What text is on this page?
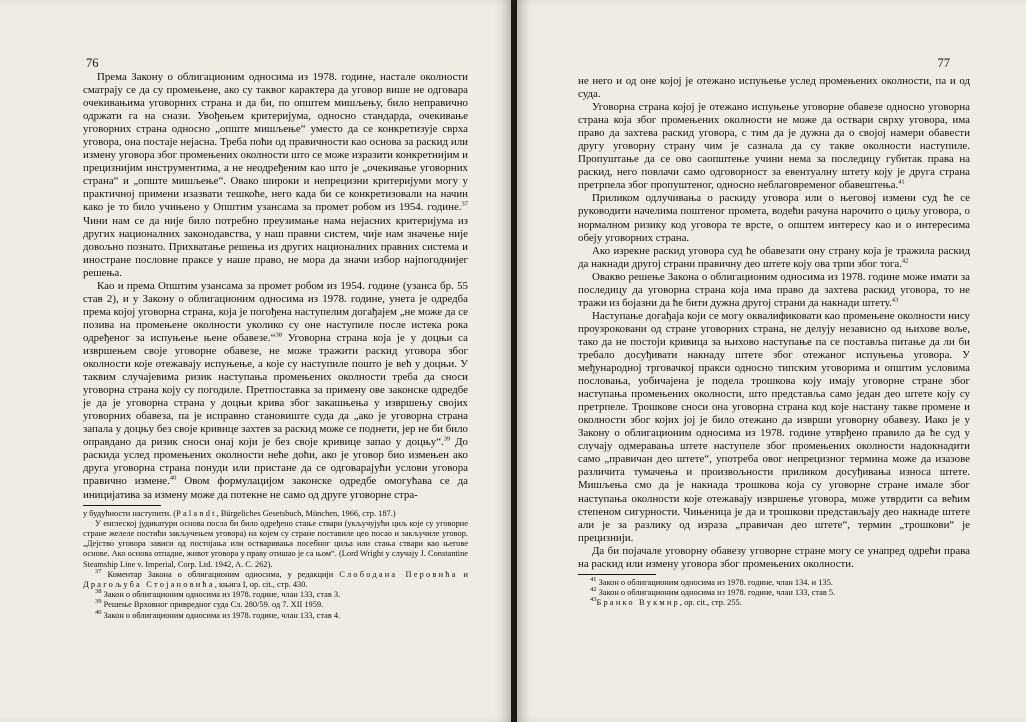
76

Према Закону о облигационим односима из 1978. године, настале околности сматрају се да су промењене, ако су таквог карактера да уговор више не одговара очекивањима уговорних страна и да би, по општем мишљењу, било неправично одржати га на снази. Увођењем критеријума, односно стандарда, очекивање уговорних страна односно „опште мишљење“ уместо да се конкретизује сврха уговора, она постаје нејасна. Треба поћи од правичности као основа за раскид или измену уговора због промењених околности што се може изразити конкретнијим и прецизнијим инструментима, а не неодређеним као што је „очекивање уговорних страна“ и „опште мишљење“. Овако широки и непрецизни критеријуми могу у практичној примени изазвати тешкоће, него када би се конкретизовали на начин како је то било учињено у Општим узансама за промет робом из 1954. године.$^{37}$ Чини нам се да није било потребно преузимање нама нејасних критеријума из других националних законодавства, у наш правни систем, чије нам значење није довољно познато. Прихватање решења из других националних правних система и иностране пословне праксе у наше право, не мора да значи избор најпогоднијег решења.

Као и према Општим узансама за промет робом из 1954. године (узанса бр. 55 став 2), и у Закону о облигационим односима из 1978. године, унета је одредба према којој уговорна страна, која је погођена наступелим догађајем „не може да се позива на промењене околности уколико су оне наступиле после истека рока одређеног за испуњење њене обавезе.“$^{38}$ Уговорна страна која је у доцњи са извршењем своје уговорне обавезе, не може тражити раскид уговора због околности које отежавају испуњење, а које су наступиле пошто је већ у доцњи. У таквим случајевима ризик наступања промењених околности треба да сноси уговорна страна коју су погодиле. Претпоставка за примену ове законске одредбе је да је уговорна страна у доцњи крива због закашњења у извршењу својих уговорних обавеза, па је исправно становиште суда да „ако је уговорна страна запала у доцњу без своје кривице захтев за раскид може се поднети, јер не би било оправдано да ризик сноси онај који је без своје кривице запао у доцњу“.$^{39}$ До раскида услед промењених околности неће доћи, ако је уговор био измењен ако друга уговорна страна понуди или пристане да се одговарајући услови уговора правично измене.$^{40}$ Овом формулацијом законске одредбе омогућава се да иницијатива за измену може да потекне не само од друге уговорне стра-

у будућности наступити. (Palandt, Bürgeliches Gesetsbuch, München, 1966, стр. 187.)

У енглеској јудикатури основа посла би било одређено стање ствари (укључујући циљ које су уговорне стране желеле постићи закључењем уговора) на којем су стране поставиле цео посао и закључиле уговор. „Дејство уговора зависи од постојања или остваривања посебног циља или стања ствари као његове основе. Ако основа отпадне, живот уговора у праву отишао је са њом“. (Lord Wright у случају J. Constantine Steamship Line v. Imperial, Corp. Ltd. 1942, A. C. 262).

$^{37}$ Коментар Закона о облигационим односима, у редакцији Слободана Перовића и Драгољуба Стојановића, књига I, op. cit., стр. 430.

$^{38}$ Закон о облигационим односима из 1978. године, члан 133, став 3.

$^{39}$ Решење Врховног привредног суда Сл. 280/59. од 7. XII 1959.

$^{40}$ Закон о облигационим односима из 1978. године, члан 133, став 4.

77

не него и од оне којој је отежано испуњење услед промењених околности, па и од суда.

Уговорна страна којој је отежано испуњење уговорне обавезе односно уговорна страна која због промењених околности не може да оствари сврху уговора, има право да захтева раскид уговора, с тим да је дужна да о својој намери обавести другу уговорну страну чим је сазнала да су такве околности наступиле. Пропуштање да се ово саопштење учини нема за последицу губитак права на раскид, него повлачи само одговорност за евентуалну штету коју је друга страна претрпела због пропуштеног, односно неблаговременог обавештења.$^{41}$

Приликом одлучивања о раскиду уговора или о његовој измени суд ће се руководити начелима поштеног промета, водећи рачуна нарочито о циљу уговора, о нормалном ризику код уговора те врсте, о општем интересу као и о интересима обеју уговорних страна.

Ако изрекне раскид уговора суд ће обавезати ону страну која је тражила раскид да накнади другој страни правичну део штете коју ова трпи због тога.$^{42}$

Овакво решење Закона о облигационим односима из 1978. године може имати за последицу да уговорна страна која има право да захтева раскид уговора, то не тражи из бојазни да ће бити дужна другој страни да накнади штету.$^{43}$

Наступање догађаја који се могу оквалификовати као промењене околности нису проузроковани од стране уговорних страна, не делују независно од њихове воље, тако да не постоји кривица за њихово наступање па се поставља питање да ли би требало досуђивати накнаду штете због отежаног испуњења уговора. У међународној трговачкој пракси односно типским уговорима и општим условима пословања, уобичајена је подела трошкова коју имају уговорне стране због наступања промењених околности, што представља само један део штете коју су претрпеле. Трошкове сноси она уговорна страна код које настану такве промене и околности због којих јој је било отежано да изврши уговорну обавезу. Иако је у Закону о облигационим односима из 1978. године утврђено правило да ће суд у случају одмеравања штете наступеле због промењених околности надокнадити само „правичан део штете“, употреба овог непрецизног термина може да изазове различита тумачења и произвољности приликом досуђивања износа штете. Мишљења смо да је накнада трошкова која су уговорне стране имале због наступања околности које отежавају извршење уговора, може утврдити са већим степеном сигурности. Чињеница је да и трошкови представљају део накнаде штете али је за разлику од израза „правичан део штете“, термин „трошкови“ је прецизнији.

Да би појачале уговорну обавезу уговорне стране могу се унапред одрећи права на раскид или измену уговора због промењених околности.

$^{41}$ Закон о облигационим односима из 1978. године, члан 134. и 135.

$^{42}$ Закон о облигационим односима из 1978. године, члан 133, став 5.

$^{43}$Бранко Вукмир, op. cit., стр. 255.
